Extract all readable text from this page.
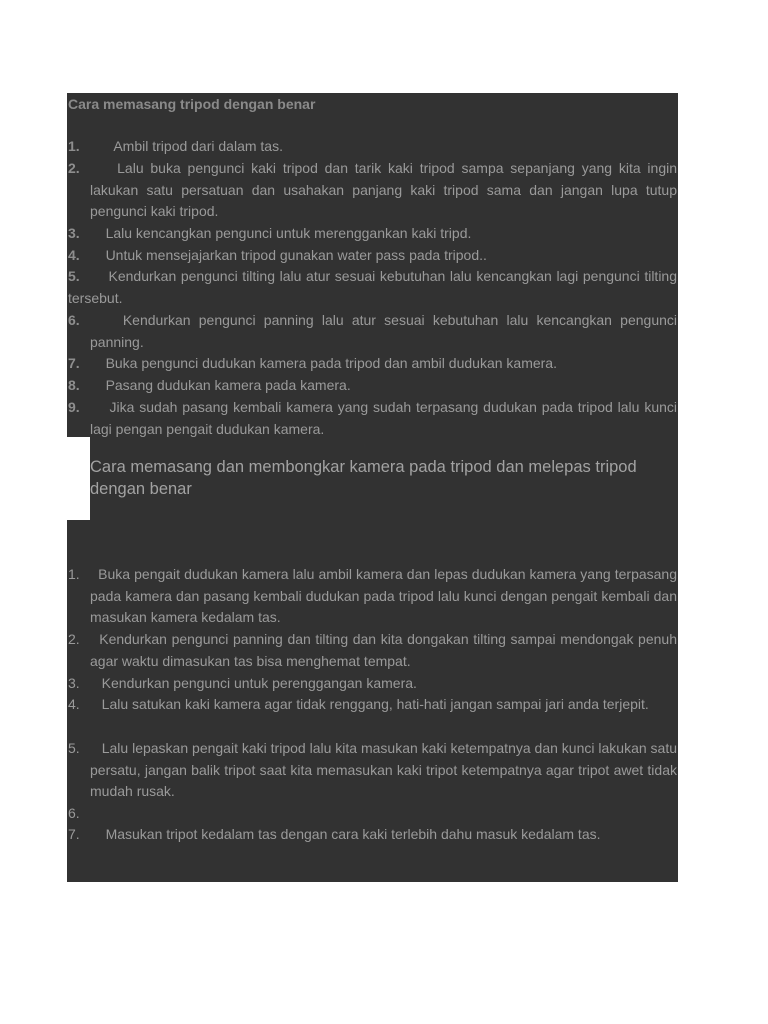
Cara memasang tripod dengan benar
1. Ambil tripod dari dalam tas.
2. Lalu buka pengunci kaki tripod dan tarik kaki tripod sampa sepanjang yang kita ingin lakukan satu persatuan dan usahakan panjang kaki tripod sama dan jangan lupa tutup pengunci kaki tripod.
3. Lalu kencangkan pengunci untuk merenggankan kaki tripd.
4. Untuk mensejajarkan tripod gunakan water pass pada tripod..
5. Kendurkan pengunci tilting lalu atur sesuai kebutuhan lalu kencangkan lagi pengunci tilting tersebut.
6. Kendurkan pengunci panning lalu atur sesuai kebutuhan lalu kencangkan pengunci panning.
7. Buka pengunci dudukan kamera pada tripod dan ambil dudukan kamera.
8. Pasang dudukan kamera pada kamera.
9. Jika sudah pasang kembali kamera yang sudah terpasang dudukan pada tripod lalu kunci lagi pengan pengait dudukan kamera.
Cara memasang dan membongkar kamera pada tripod dan melepas tripod dengan benar
1. Buka pengait dudukan kamera lalu ambil kamera dan lepas dudukan kamera yang terpasang pada kamera dan pasang kembali dudukan pada tripod lalu kunci dengan pengait kembali dan masukan kamera kedalam tas.
2. Kendurkan pengunci panning dan tilting dan kita dongakan tilting sampai mendongak penuh agar waktu dimasukan tas bisa menghemat tempat.
3. Kendurkan pengunci untuk perenggangan kamera.
4. Lalu satukan kaki kamera agar tidak renggang, hati-hati jangan sampai jari anda terjepit.
5. Lalu lepaskan pengait kaki tripod lalu kita masukan kaki ketempatnya dan kunci lakukan satu persatu, jangan balik tripot saat kita memasukan kaki tripot ketempatnya agar tripot awet tidak mudah rusak.
6.
7. Masukan tripot kedalam tas dengan cara kaki terlebih dahu masuk kedalam tas.
